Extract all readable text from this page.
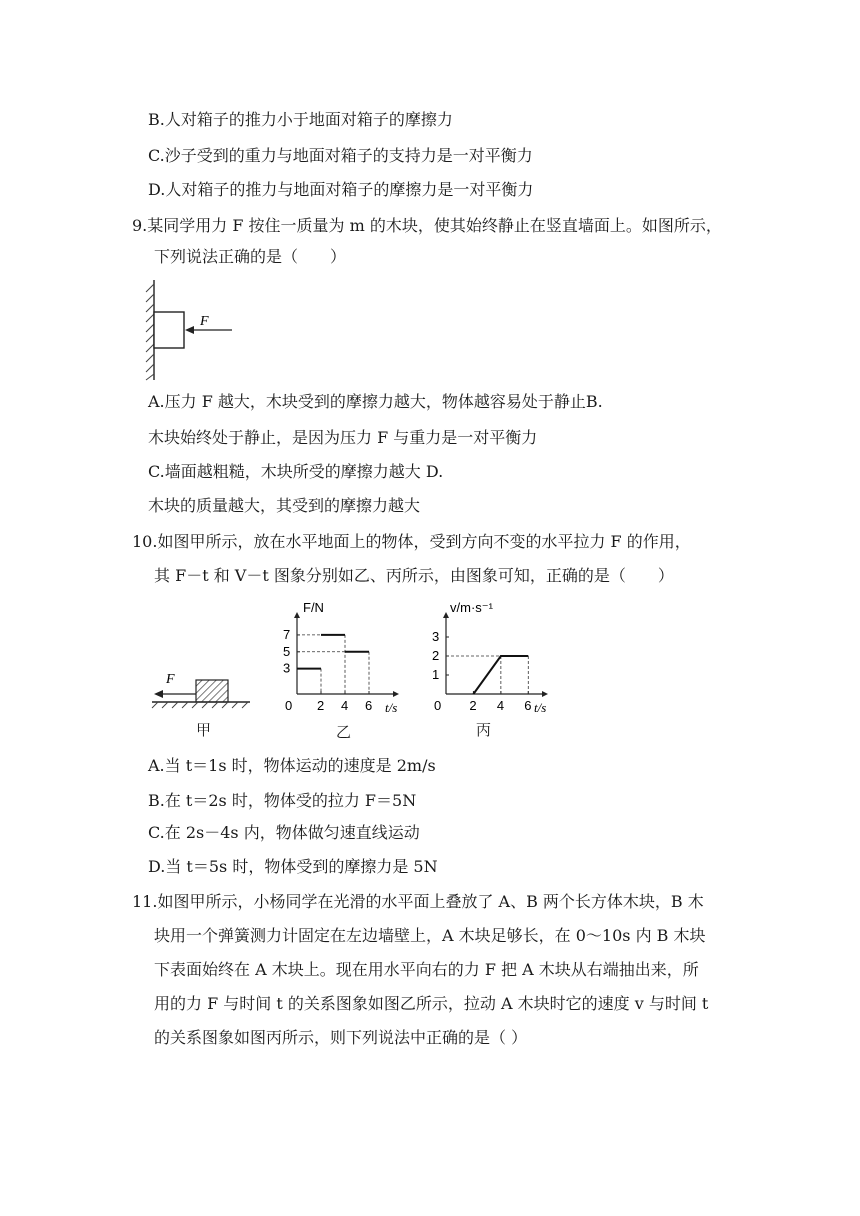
B.人对箱子的推力小于地面对箱子的摩擦力
C.沙子受到的重力与地面对箱子的支持力是一对平衡力
D.人对箱子的推力与地面对箱子的摩擦力是一对平衡力
9.某同学用力 F 按住一质量为 m 的木块，使其始终静止在竖直墙面上。如图所示，
下列说法正确的是（　　）
F
A.压力 F 越大，木块受到的摩擦力越大，物体越容易处于静止B.
木块始终处于静止，是因为压力 F 与重力是一对平衡力
C.墙面越粗糙，木块所受的摩擦力越大 D.
木块的质量越大，其受到的摩擦力越大
10.如图甲所示，放在水平地面上的物体，受到方向不变的水平拉力 F 的作用，
其 F－t 和 V－t 图象分别如乙、丙所示，由图象可知，正确的是（　　）
F
甲
F/N
t/s
0 2 4 6
3
5
7
乙
v/m·s⁻¹
t/s
0 2 4 6
1
2
3
丙
A.当 t＝1s 时，物体运动的速度是 2m/s
B.在 t＝2s 时，物体受的拉力 F＝5N
C.在 2s－4s 内，物体做匀速直线运动
D.当 t＝5s 时，物体受到的摩擦力是 5N
11.如图甲所示，小杨同学在光滑的水平面上叠放了 A、B 两个长方体木块，B 木
块用一个弹簧测力计固定在左边墙壁上，A 木块足够长，在 0～10s 内 B 木块
下表面始终在 A 木块上。现在用水平向右的力 F 把 A 木块从右端抽出来，所
用的力 F 与时间 t 的关系图象如图乙所示，拉动 A 木块时它的速度 v 与时间 t
的关系图象如图丙所示，则下列说法中正确的是（ ）
